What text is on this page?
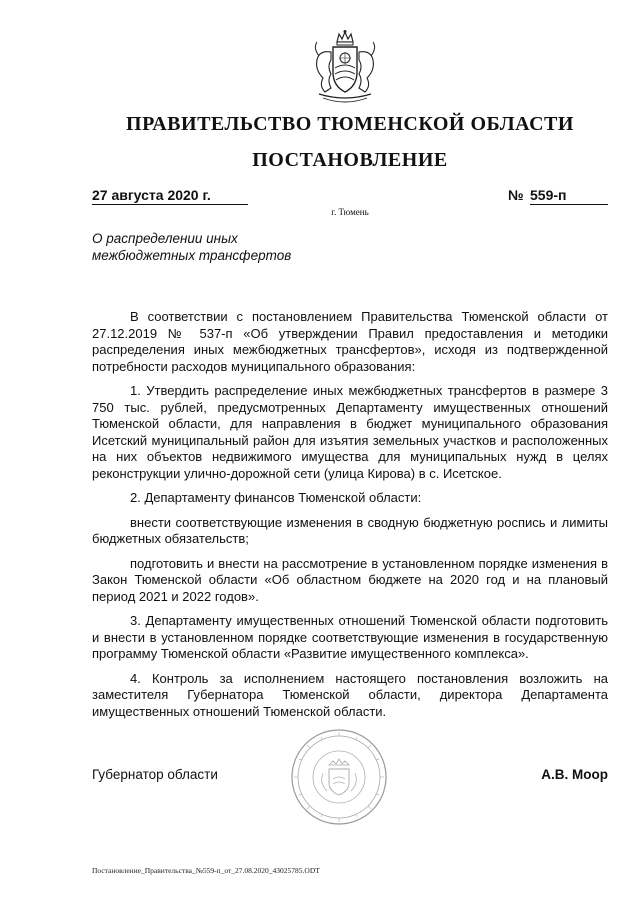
ПРАВИТЕЛЬСТВО ТЮМЕНСКОЙ ОБЛАСТИ
ПОСТАНОВЛЕНИЕ
27 августа 2020 г.	№ 559-п
г. Тюмень
О распределении иных
межбюджетных трансфертов

В соответствии с постановлением Правительства Тюменской области от 27.12.2019 № 537-п «Об утверждении Правил предоставления и методики распределения иных межбюджетных трансфертов», исходя из подтвержденной потребности расходов муниципального образования:

1. Утвердить распределение иных межбюджетных трансфертов в размере 3 750 тыс. рублей, предусмотренных Департаменту имущественных отношений Тюменской области, для направления в бюджет муниципального образования Исетский муниципальный район для изъятия земельных участков и расположенных на них объектов недвижимого имущества для муниципальных нужд в целях реконструкции улично-дорожной сети (улица Кирова) в с. Исетское.

2. Департаменту финансов Тюменской области:

внести соответствующие изменения в сводную бюджетную роспись и лимиты бюджетных обязательств;

подготовить и внести на рассмотрение в установленном порядке изменения в Закон Тюменской области «Об областном бюджете на 2020 год и на плановый период 2021 и 2022 годов».

3. Департаменту имущественных отношений Тюменской области подготовить и внести в установленном порядке соответствующие изменения в государственную программу Тюменской области «Развитие имущественного комплекса».

4. Контроль за исполнением настоящего постановления возложить на заместителя Губернатора Тюменской области, директора Департамента имущественных отношений Тюменской области.

Губернатор области	А.В. Моор
Постановление_Правительства_№559-п_от_27.08.2020_43025785.ODT
